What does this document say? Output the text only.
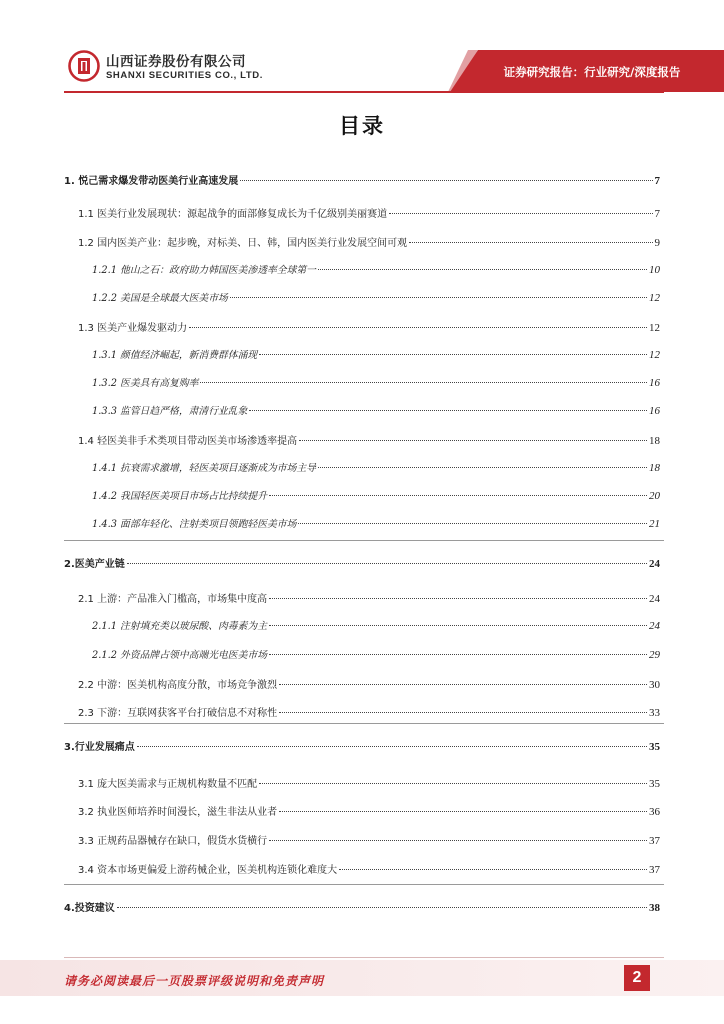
山西证券股份有限公司
SHANXI SECURITIES CO., LTD.	证券研究报告：行业研究/深度报告
目录
1. 悦己需求爆发带动医美行业高速发展	7
1.1 医美行业发展现状：源起战争的面部修复成长为千亿级别美丽赛道	7
1.2 国内医美产业：起步晚，对标美、日、韩，国内医美行业发展空间可观	9
1.2.1 他山之石：政府助力韩国医美渗透率全球第一	10
1.2.2 美国是全球最大医美市场	12
1.3 医美产业爆发驱动力	12
1.3.1 颜值经济崛起，新消费群体涌现	12
1.3.2 医美具有高复购率	16
1.3.3 监管日趋严格，肃清行业乱象	16
1.4 轻医美非手术类项目带动医美市场渗透率提高	18
1.4.1 抗衰需求激增，轻医美项目逐渐成为市场主导	18
1.4.2 我国轻医美项目市场占比持续提升	20
1.4.3 面部年轻化、注射类项目领跑轻医美市场	21
2.医美产业链	24
2.1 上游：产品准入门槛高，市场集中度高	24
2.1.1 注射填充类以玻尿酸、肉毒素为主	24
2.1.2 外资品牌占领中高端光电医美市场	29
2.2 中游：医美机构高度分散，市场竞争激烈	30
2.3 下游：互联网获客平台打破信息不对称性	33
3.行业发展痛点	35
3.1 庞大医美需求与正规机构数量不匹配	35
3.2 执业医师培养时间漫长，滋生非法从业者	36
3.3 正规药品器械存在缺口，假货水货横行	37
3.4 资本市场更偏爱上游药械企业，医美机构连锁化难度大	37
4.投资建议	38
请务必阅读最后一页股票评级说明和免责声明	2
